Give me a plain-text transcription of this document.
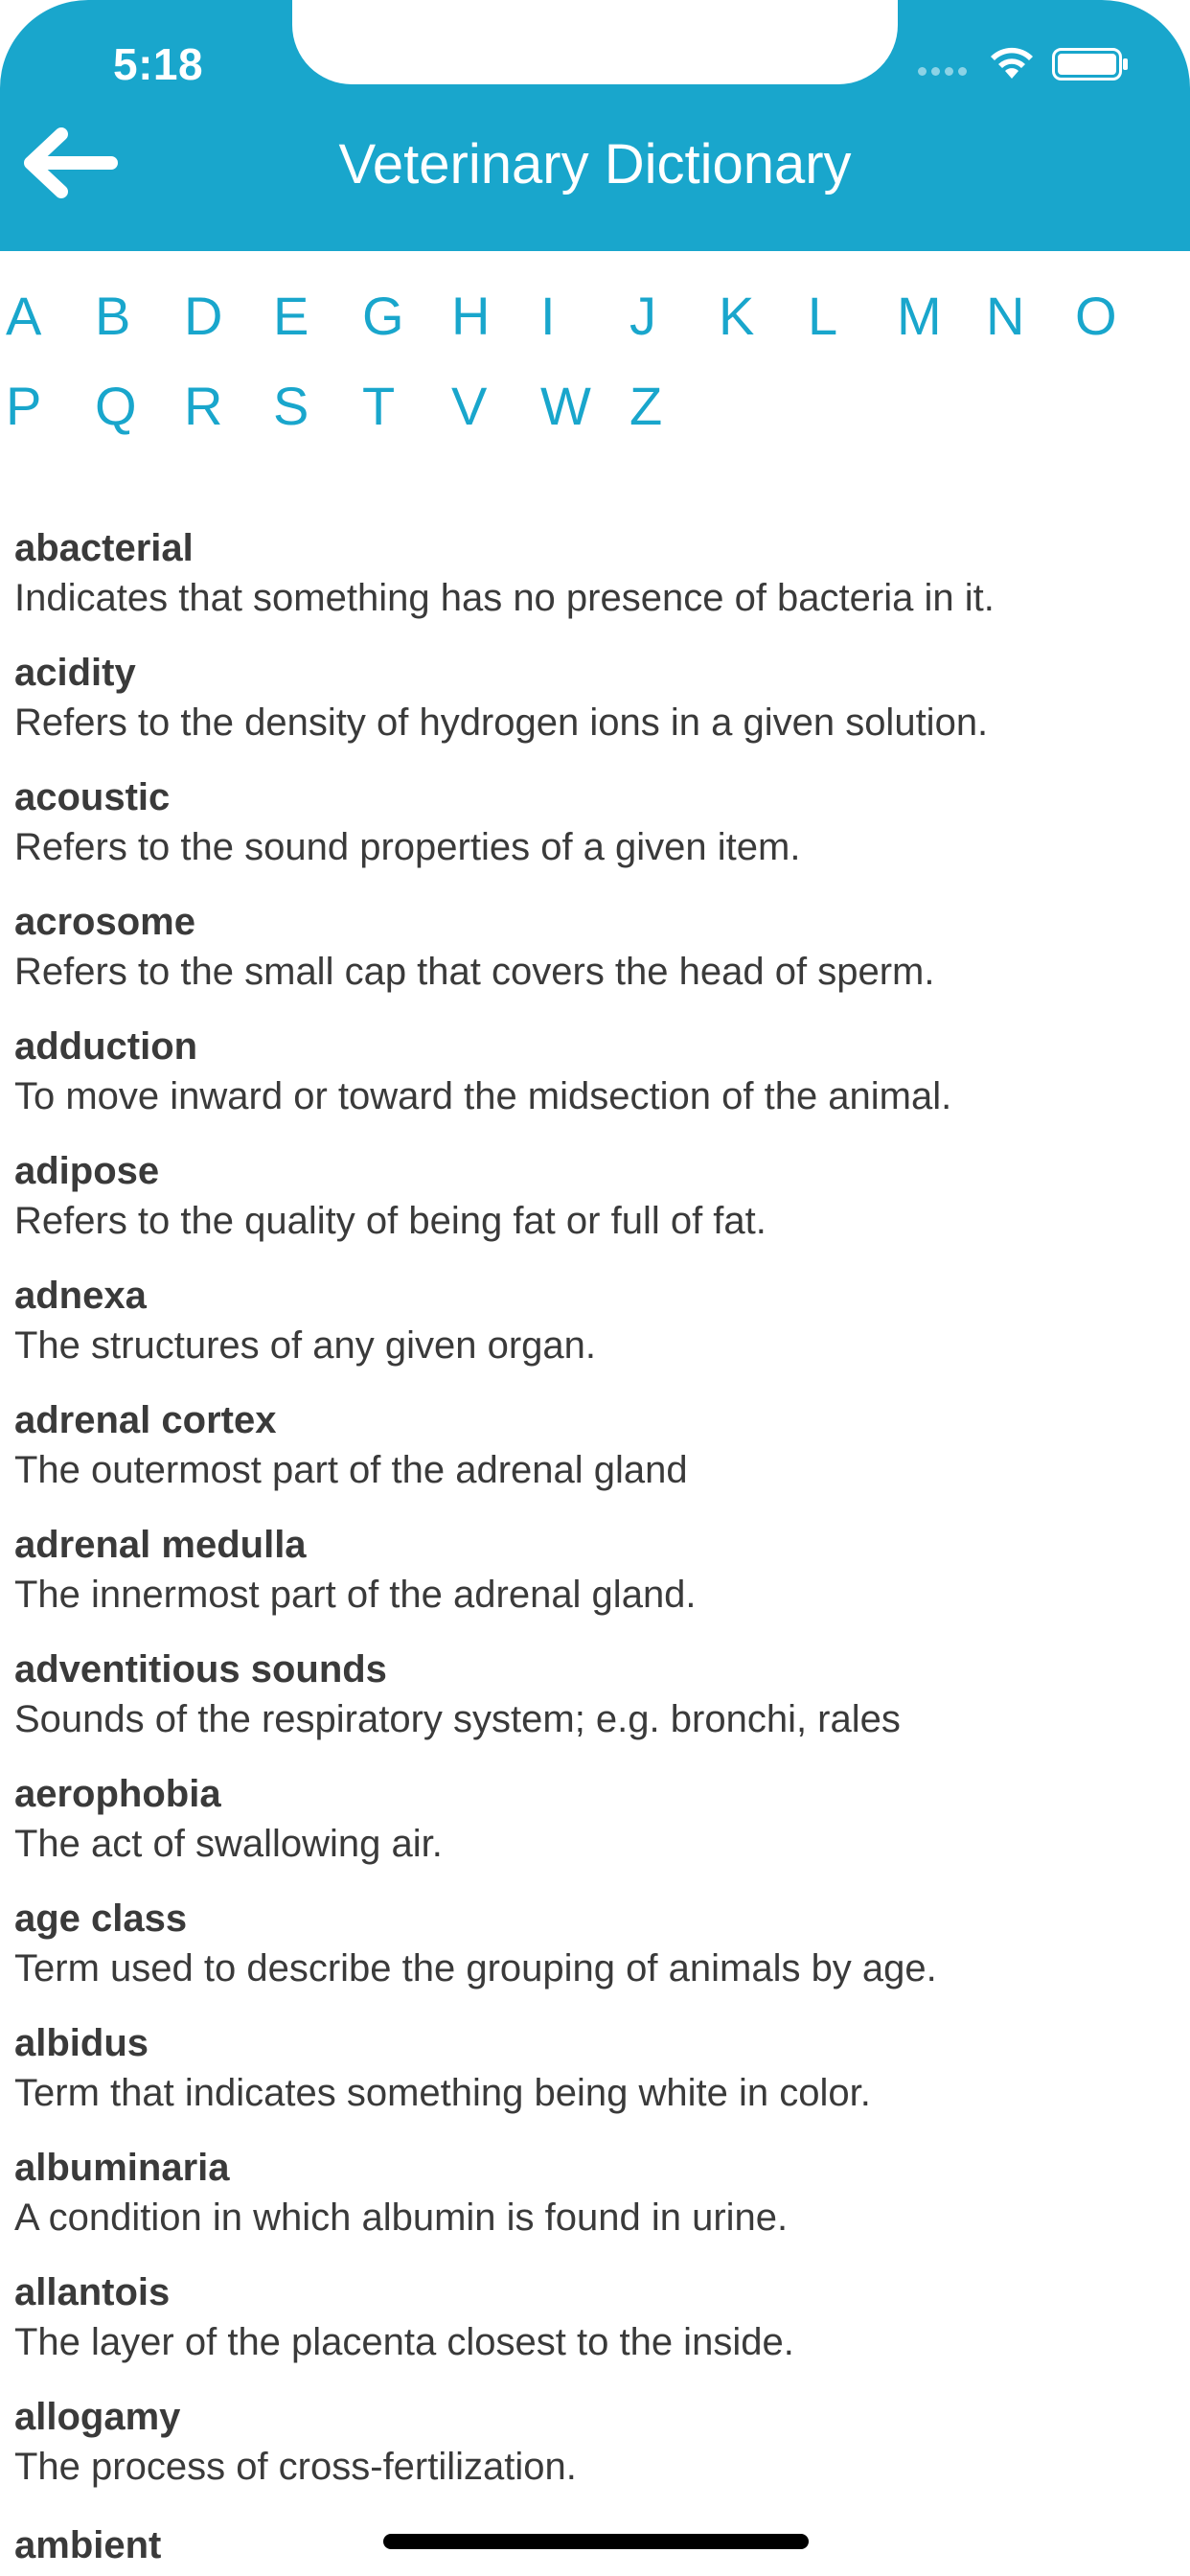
5:18
Veterinary Dictionary
A B D E G H I	J	K L	M N O
P Q R S T	V W Z
abacterial
Indicates that something has no presence of bacteria in it.
acidity
Refers to the density of hydrogen ions in a given solution.
acoustic
Refers to the sound properties of a given item.
acrosome
Refers to the small cap that covers the head of sperm.
adduction
To move inward or toward the midsection of the animal.
adipose
Refers to the quality of being fat or full of fat.
adnexa
The structures of any given organ.
adrenal cortex
The outermost part of the adrenal gland
adrenal medulla
The innermost part of the adrenal gland.
adventitious sounds
Sounds of the respiratory system; e.g. bronchi, rales
aerophobia
The act of swallowing air.
age class
Term used to describe the grouping of animals by age.
albidus
Term that indicates something being white in color.
albuminaria
A condition in which albumin is found in urine.
allantois
The layer of the placenta closest to the inside.
allogamy
The process of cross-fertilization.
ambient
